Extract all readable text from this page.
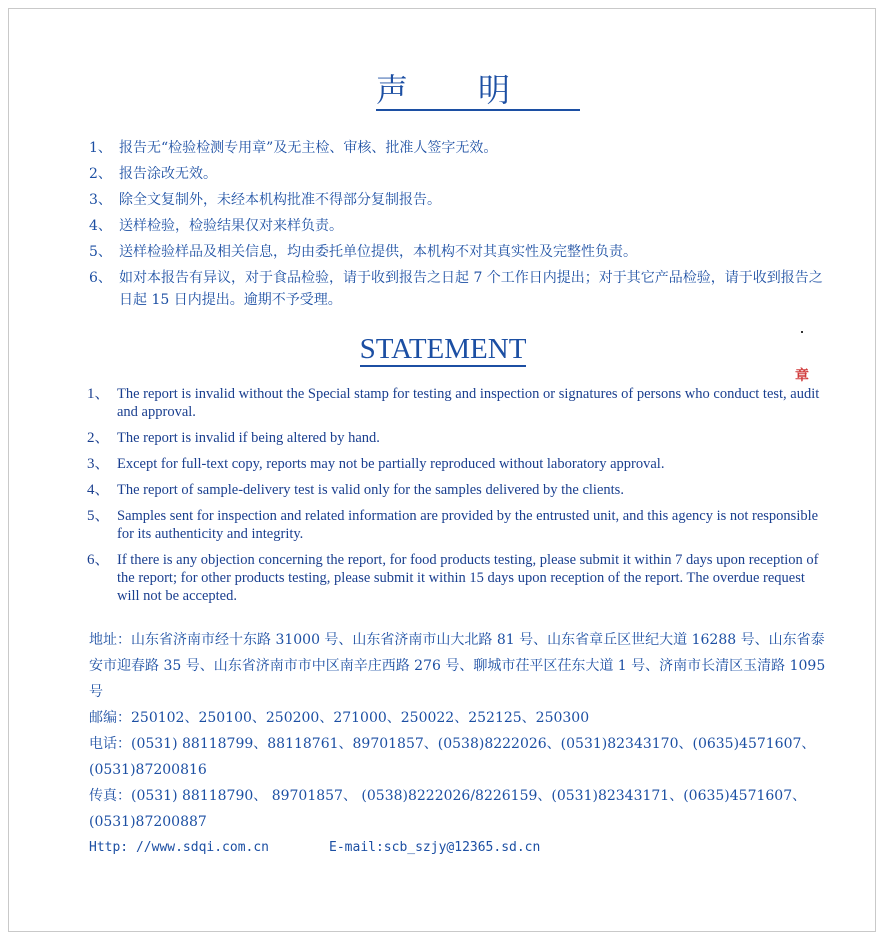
声明
1、 报告无“检验检测专用章”及无主检、审核、批准人签字无效。
2、 报告涂改无效。
3、 除全文复制外，未经本机构批准不得部分复制报告。
4、 送样检验，检验结果仅对来样负责。
5、 送样检验样品及相关信息，均由委托单位提供，本机构不对其真实性及完整性负责。
6、 如对本报告有异议，对于食品检验，请于收到报告之日起 7 个工作日内提出；对于其它产品检验，请于收到报告之日起 15 日内提出。逾期不予受理。
STATEMENT
1、 The report is invalid without the Special stamp for testing and inspection or signatures of persons who conduct test, audit and approval.
2、 The report is invalid if being altered by hand.
3、 Except for full-text copy, reports may not be partially reproduced without laboratory approval.
4、 The report of sample-delivery test is valid only for the samples delivered by the clients.
5、 Samples sent for inspection and related information are provided by the entrusted unit, and this agency is not responsible for its authenticity and integrity.
6、 If there is any objection concerning the report, for food products testing, please submit it within 7 days upon reception of the report; for other products testing, please submit it within 15 days upon reception of the report. The overdue request will not be accepted.
章
地址：山东省济南市经十东路 31000 号、山东省济南市山大北路 81 号、山东省章丘区世纪大道 16288 号、山东省泰安市迎春路 35 号、山东省济南市市中区南辛庄西路 276 号、聊城市茌平区茌东大道 1 号、济南市长清区玉清路 1095 号
邮编：250102、250100、250200、271000、250022、252125、250300
电话：(0531) 88118799、88118761、89701857、(0538)8222026、(0531)82343170、(0635)4571607、(0531)87200816
传真：(0531) 88118790、 89701857、 (0538)8222026/8226159、(0531)82343171、(0635)4571607、(0531)87200887
Http: //www.sdqi.com.cn	E-mail:scb_szjy@12365.sd.cn
